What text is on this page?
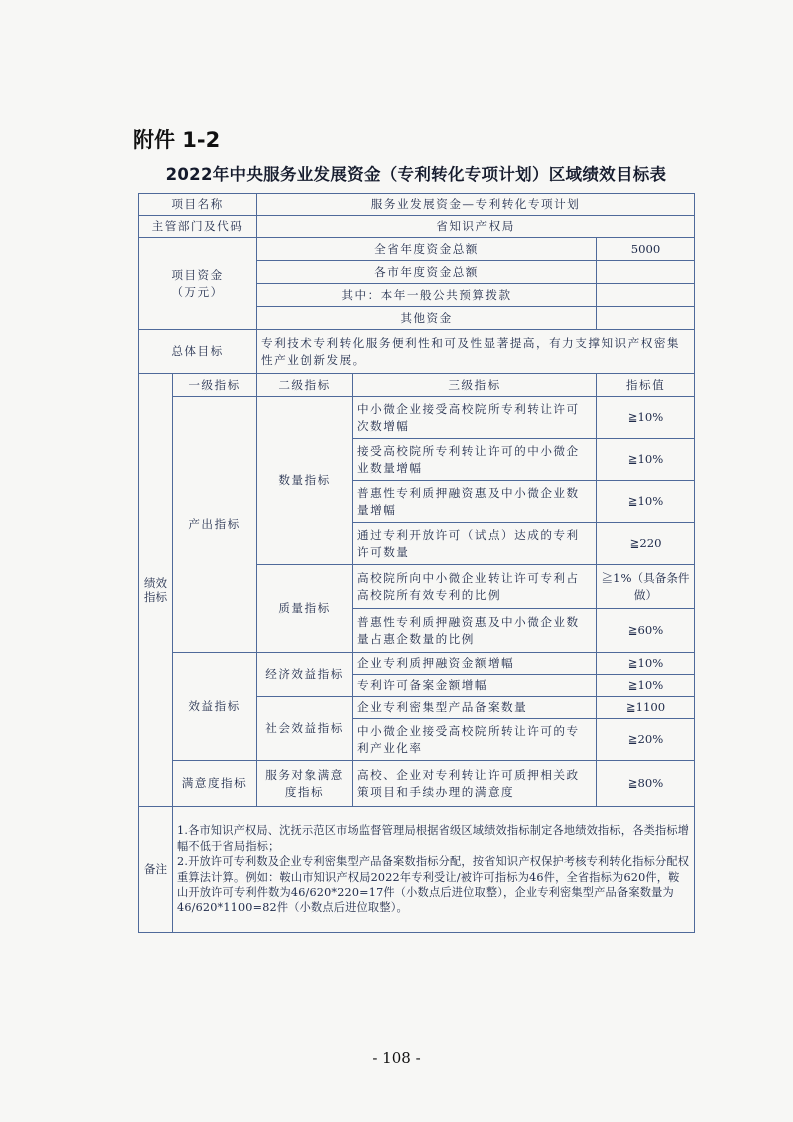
附件 1-2
2022年中央服务业发展资金（专利转化专项计划）区域绩效目标表
项目名称		服务业发展资金—专利转化专项计划		
主管部门及代码		省知识产权局		

项目资金
（万元）		全省年度资金总额		5000
		各市年度资金总额		
		其中：本年一般公共预算拨款		
		其他资金		
总体目标		专利技术专利转化服务便利性和可及性显著提高，有力支撑知识产权密集性产业创新发展。		
绩效指标	一级指标	二级指标	三级指标	指标值
	产出指标	数量指标	中小微企业接受高校院所专利转让许可次数增幅	≧10%
			接受高校院所专利转让许可的中小微企业数量增幅	≧10%
			普惠性专利质押融资惠及中小微企业数量增幅	≧10%
			通过专利开放许可（试点）达成的专利许可数量	≧220
		质量指标	高校院所向中小微企业转让许可专利占高校院所有效专利的比例	≧1%（具备条件做）
			普惠性专利质押融资惠及中小微企业数量占惠企数量的比例	≧60%
	效益指标	经济效益指标	企业专利质押融资金额增幅	≧10%
			专利许可备案金额增幅	≧10%
		社会效益指标	企业专利密集型产品备案数量	≧1100
			中小微企业接受高校院所转让许可的专利产业化率	≧20%
	满意度指标	服务对象满意度指标	高校、企业对专利转让许可质押相关政策项目和手续办理的满意度	≧80%
备注	1.各市知识产权局、沈抚示范区市场监督管理局根据省级区域绩效指标制定各地绩效指标，各类指标增幅不低于省局指标；
2.开放许可专利数及企业专利密集型产品备案数指标分配，按省知识产权保护考核专利转化指标分配权重算法计算。例如：鞍山市知识产权局2022年专利受让/被许可指标为46件，全省指标为620件，鞍山开放许可专利件数为46/620*220=17件（小数点后进位取整），企业专利密集型产品备案数量为46/620*1100=82件（小数点后进位取整）。			
- 108 -
